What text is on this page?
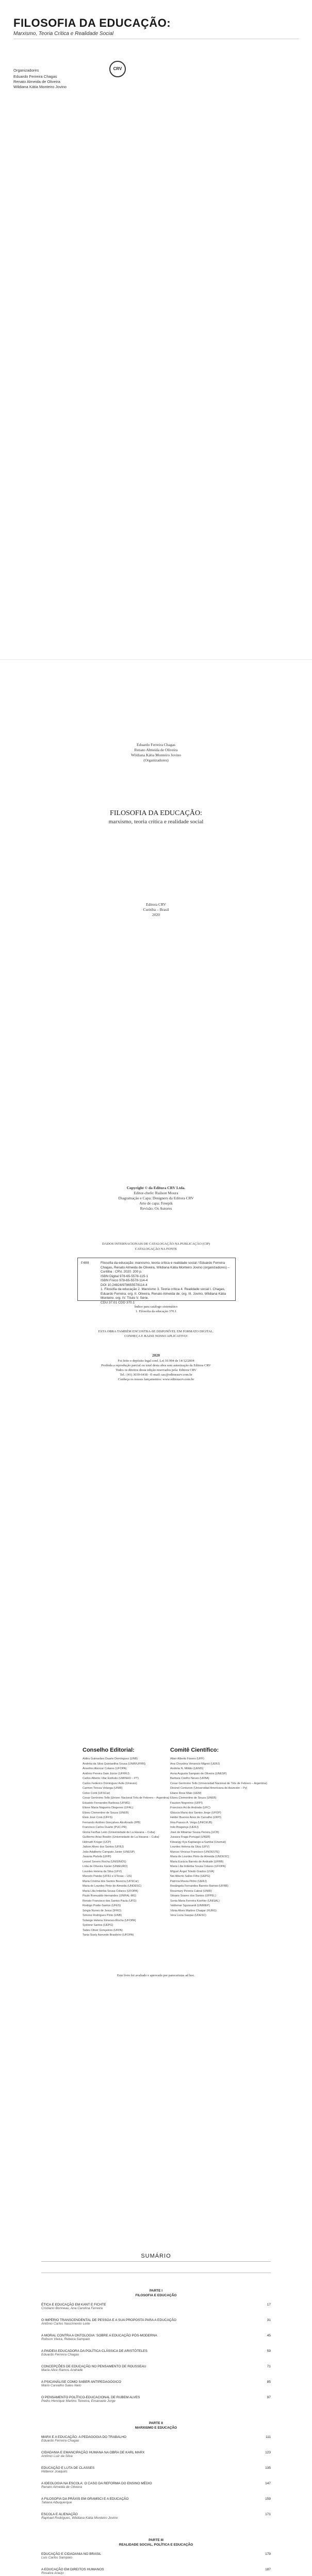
FILOSOFIA DA EDUCAÇÃO:
Marxismo, Teoria Crítica e Realidade Social
Organizadores
Eduardo Ferreira Chagas
Renato Almeida de Oliveira
Wildiana Kátia Monteiro Jovino
CRV
Eduardo Ferreira Chagas
Renato Almeida de Oliveira
Wildiana Kátia Monteiro Jovino
(Organizadores)
FILOSOFIA DA EDUCAÇÃO:
marxismo, teoria crítica e realidade social
Editora CRV
Curitiba – Brasil
2020
Copyright © da Editora CRV Ltda.
Editor-chefe: Railson Moura
Diagramação e Capa: Designers da Editora CRV
Arte de capa: Freepik
Revisão: Os Autores
DADOS INTERNACIONAIS DE CATALOGAÇÃO NA PUBLICAÇÃO (CIP)
CATALOGAÇÃO NA FONTE
F488	Filosofia da educação: marxismo, teoria crítica e realidade social / Eduardo Ferreira Chagas, Renato Almeida de Oliveira, Wildiana Kátia Monteiro Jovino (organizadores) – Curitiba : CRV, 2020. 200 p.
ISBN Digital 978-65-5578-115-1
ISBN Físico 978-65-5578-114-4
DOI 10.24824/978655578114.4
1. Filosofia da educação 2. Marxismo 3. Teoria crítica 4. Realidade social I. Chagas, Eduardo Ferreira. org. II. Oliveira, Renato Almeida de. org. III. Jovino, Wildiana Kátia Monteiro. org. IV. Título V. Série.
CDU 37.01 CDD 370.1
Índice para catálogo sistemático
1. Filosofia da educação 370.1
ESTA OBRA TAMBÉM ENCONTRA-SE DISPONÍVEL EM FORMATO DIGITAL.
CONHEÇA E BAIXE NOSSO APLICATIVO!
2020
Foi feito o depósito legal conf. Lei 10.994 de 14/12/2004
Proibida a reprodução parcial ou total desta obra sem autorização da Editora CRV
Todos os direitos desta edição reservados pela: Editora CRV
Tel.: (41) 3039-6418 - E-mail: sac@editoracrv.com.br
Conheça os nossos lançamentos: www.editoracrv.com.br
Conselho Editorial:	Comitê Científico:
Aldira Guimarães Duarte Domínguez (UNB)
Andréia da Silva Quintanilha Sousa (UNIR/UFRN)
Anselmo Alencar Colares (UFOPA)
Antônio Pereira Gaio Júnior (UFRRJ)
Carlos Alberto Vilar Estêvão (UMINHO – PT)
Carlos Federico Dominguez Avila (Unieuro)
Carmen Tereza Velanga (UNIR)
Celso Conti (UFSCar)
Cesar Gerónimo Tello (Univer. Nacional Três de Febrero – Argentina)
Eduardo Fernandes Barbosa (UFMG)
Elione Maria Nogueira Diogenes (UFAL)
Elizeu Clementino de Souza (UNEB)
Élsio José Corá (UFFS)
Fernando Antônio Gonçalves Alcoforado (IPB)
Francisco Carlos Duarte (PUC-PR)
Gloria Fariñas León (Universidade de La Havana – Cuba)
Guillermo Arias Beatón (Universidade de La Havana – Cuba)
Helmuth Krüger (UCP)
Jailson Alves dos Santos (UFRJ)
João Adalberto Campato Junior (UNESP)
Josania Portela (UFPI)
Leonel Severo Rocha (UNISINOS)
Lídia de Oliveira Xavier (UNIEURO)
Lourdes Helena da Silva (UFV)
Marcelo Paixão (UFRJ e UTexas – US)
Maria Cristina dos Santos Bezerra (UFSCar)
Maria de Lourdes Pinto de Almeida (UNOESC)
Maria Lília Imbiriba Sousa Colares (UFOPA)
Paulo Romualdo Hernandes (UNIFAL-MG)
Renato Francisco dos Santos Paula (UFG)
Rodrigo Pratte-Santos (UFES)
Sérgio Nunes de Jesus (IFRO)
Simone Rodrigues Pinto (UNB)
Solange Helena Ximenes-Rocha (UFOPA)
Sydione Santos (UEPG)
Tadeu Oliver Gonçalves (UFPA)
Tania Suely Azevedo Brasileiro (UFOPA)
Altair Alberto Fávero (UPF)
Ana Chrystina Venancio Mignot (UERJ)
Andréia N. Militão (UEMS)
Anna Augusta Sampaio de Oliveira (UNESP)
Barbara Coelho Neves (UFBA)
Cesar Gerónimo Tello (Universidad Nacional de Três de Febrero – Argentina)
Diosnel Centurion (Universidad Americana de Asunción – Py)
Eliane Rose Maio (UEM)
Elizeu Clementino de Souza (UNEB)
Fauston Negreiros (UFPI)
Francisco Ari de Andrade (UFC)
Gláucia Maria dos Santos Jorge (UFOP)
Helder Buenos Aires de Carvalho (UFPI)
Ilma Passos A. Veiga (UNICEUB)
Inês Bragança (UERJ)
José de Ribamar Sousa Pereira (UCB)
Jussara Fraga Portugal (UNEB)
Kilwangy Kya Kapitango-a-Samba (Unemat)
Lourdes Helena da Silva (UFV)
Marcos Vinicius Francisco (UNOESTE)
Maria de Lourdes Pinto de Almeida (UNOESC)
Maria Eurácia Barreto de Andrade (UFRB)
Maria Lília Imbiriba Sousa Colares (UFOPA)
Míguel Ángel Toledo Grados (UVA)
Nei Alberto Salles Filho (UEPG)
Patrícia Moura Pinho (UERJ)
Rosângela Fernandes Barreto Ramos (UFRB)
Rosemary Pereira Cabral (UNIR)
Silvano Soares dos Santos (UFPEL)
Sonia Maria Ferreira Koehler (UNISAL)
Valdemar Sguissardi (UNIMEP)
Vânia Alves Martins Chaigar (FURG)
Vera Lucia Gaspar (UDESC)
Este livro foi avaliado e aprovado por pareceristas ad hoc.
SUMÁRIO
PARTE I
FILOSOFIA E EDUCAÇÃO
ÉTICA E EDUCAÇÃO EM KANT E FICHTE	17
Cristiano Bonneau, Ana Carolina Ferreira
O IMPÉRIO TRANSCENDENTAL DE PESSOA E A SUA PROPOSTA PARA A EDUCAÇÃO	31
Antônio Carlos Nascimento Leite
A MORAL CONTRA A ONTOLOGIA: SOBRE A EDUCAÇÃO PÓS-MODERNA	45
Robson Vieira, Rebeca Sampaio
A PAIDEIA EDUCADORA DA POLÍTICA CLÁSSICA DE ARISTÓTELES	59
Eduardo Ferreira Chagas
CONCEPÇÕES DE EDUCAÇÃO NO PENSAMENTO DE ROUSSEAU	71
Maria Alice Ramos Andrade
A PSICANÁLISE COMO SABER ANTIPEDAGÓGICO	85
Mário Carvalho Sales Neto
O PENSAMENTO POLÍTICO-EDUCACIONAL DE RUBEM ALVES	97
Pedro Henrique Martins Teixeira, Emanuele Jorge
PARTE II
MARXISMO E EDUCAÇÃO
MARX E A EDUCAÇÃO: A PEDAGOGIA DO TRABALHO	111
Eduardo Ferreira Chagas
CIDADANIA E EMANCIPAÇÃO HUMANA NA OBRA DE KARL MARX	123
Antônio Luiz da Silva
EDUCAÇÃO E LUTA DE CLASSES	135
Hildenor Joaquim
A IDEOLOGIA NA ESCOLA: O CASO DA REFORMA DO ENSINO MÉDIO	147
Renato Almeida de Oliveira
A FILOSOFIA DA PRÁXIS EM GRAMSCI E A EDUCAÇÃO	159
Tatiana Albuquerque
ESCOLA E ALIENAÇÃO	171
Raphael Rodrigues, Wildiana Kátia Monteiro Jovino
PARTE III
REALIDADE SOCIAL, POLÍTICA E EDUCAÇÃO
EDUCAÇÃO E CIDADANIA NO BRASIL	179
Luis Carlos Sampaio
A EDUCAÇÃO EM DIREITOS HUMANOS	187
Rosalva Araújo
